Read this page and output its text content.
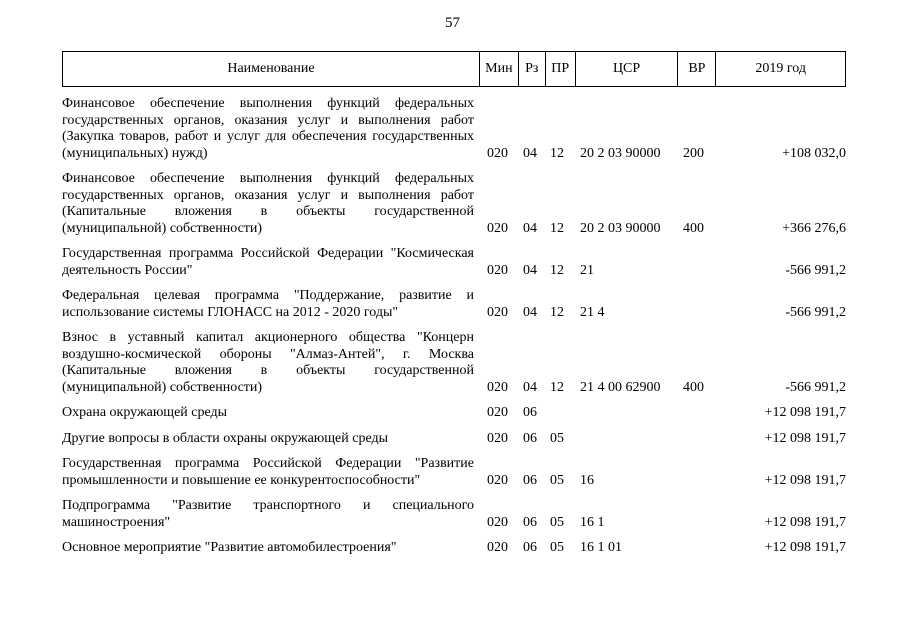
57
Наименование	Мин Рз ПР	ЦСР	ВР	2019 год
Финансовое обеспечение выполнения функций федеральных государственных органов, оказания услуг и выполнения работ (Закупка товаров, работ и услуг для обеспечения государственных (муниципальных) нужд)	020	04 12	20 2 03 90000	200	+108 032,0
Финансовое обеспечение выполнения функций федеральных государственных органов, оказания услуг и выполнения работ (Капитальные вложения в объекты государственной (муниципальной) собственности)	020	04 12	20 2 03 90000	400	+366 276,6
Государственная программа Российской Федерации "Космическая деятельность России"	020	04 12	21	-566 991,2
Федеральная целевая программа "Поддержание, развитие и использование системы ГЛОНАСС на 2012 - 2020 годы"	020	04 12	21 4	-566 991,2
Взнос в уставный капитал акционерного общества "Концерн воздушно-космической обороны "Алмаз-Антей", г. Москва (Капитальные вложения в объекты государственной (муниципальной) собственности)	020	04 12	21 4 00 62900	400	-566 991,2
Охрана окружающей среды	020	06	+12 098 191,7
Другие вопросы в области охраны окружающей среды	020	06 05	+12 098 191,7
Государственная программа Российской Федерации "Развитие промышленности и повышение ее конкурентоспособности"	020	06 05	16	+12 098 191,7
Подпрограмма "Развитие транспортного и специального машиностроения"	020	06 05	16 1	+12 098 191,7
Основное мероприятие "Развитие автомобилестроения"	020	06 05	16 1 01	+12 098 191,7
